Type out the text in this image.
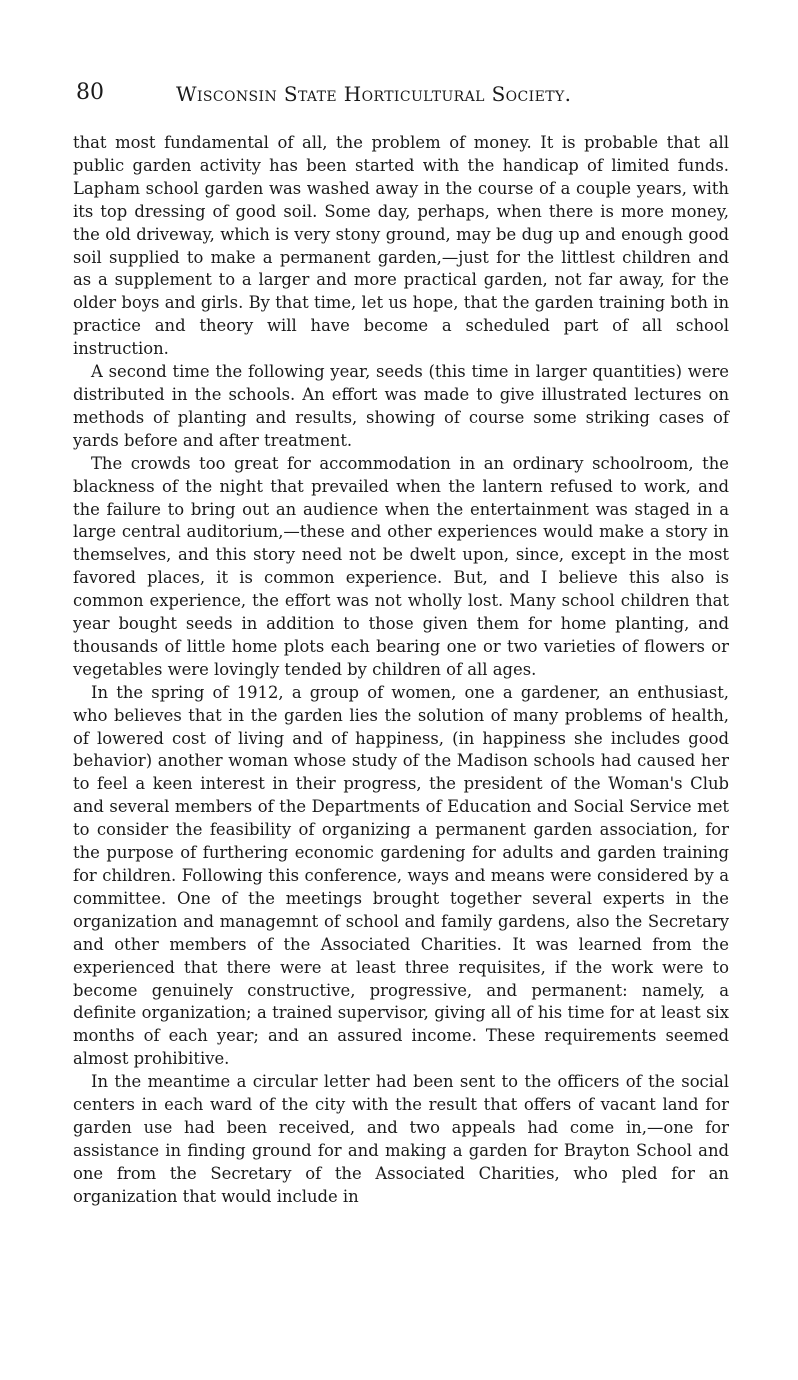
80	Wisconsin State Horticultural Society.

that most fundamental of all, the problem of money. It is probable that all public garden activity has been started with the handicap of limited funds. Lapham school garden was washed away in the course of a couple years, with its top dressing of good soil. Some day, perhaps, when there is more money, the old driveway, which is very stony ground, may be dug up and enough good soil supplied to make a permanent garden,—just for the littlest children and as a supplement to a larger and more practical garden, not far away, for the older boys and girls. By that time, let us hope, that the garden training both in practice and theory will have become a scheduled part of all school instruction.

A second time the following year, seeds (this time in larger quantities) were distributed in the schools. An effort was made to give illustrated lectures on methods of planting and results, showing of course some striking cases of yards before and after treatment.

The crowds too great for accommodation in an ordinary schoolroom, the blackness of the night that prevailed when the lantern refused to work, and the failure to bring out an audience when the entertainment was staged in a large central auditorium,—these and other experiences would make a story in themselves, and this story need not be dwelt upon, since, except in the most favored places, it is common experience. But, and I believe this also is common experience, the effort was not wholly lost. Many school children that year bought seeds in addition to those given them for home planting, and thousands of little home plots each bearing one or two varieties of flowers or vegetables were lovingly tended by children of all ages.

In the spring of 1912, a group of women, one a gardener, an enthusiast, who believes that in the garden lies the solution of many problems of health, of lowered cost of living and of happiness, (in happiness she includes good behavior) another woman whose study of the Madison schools had caused her to feel a keen interest in their progress, the president of the Woman's Club and several members of the Departments of Education and Social Service met to consider the feasibility of organizing a permanent garden association, for the purpose of furthering economic gardening for adults and garden training for children. Following this conference, ways and means were considered by a committee. One of the meetings brought together several experts in the organization and managemnt of school and family gardens, also the Secretary and other members of the Associated Charities. It was learned from the experienced that there were at least three requisites, if the work were to become genuinely constructive, progressive, and permanent: namely, a definite organization; a trained supervisor, giving all of his time for at least six months of each year; and an assured income. These requirements seemed almost prohibitive.

In the meantime a circular letter had been sent to the officers of the social centers in each ward of the city with the result that offers of vacant land for garden use had been received, and two appeals had come in,—one for assistance in finding ground for and making a garden for Brayton School and one from the Secretary of the Associated Charities, who pled for an organization that would include in
